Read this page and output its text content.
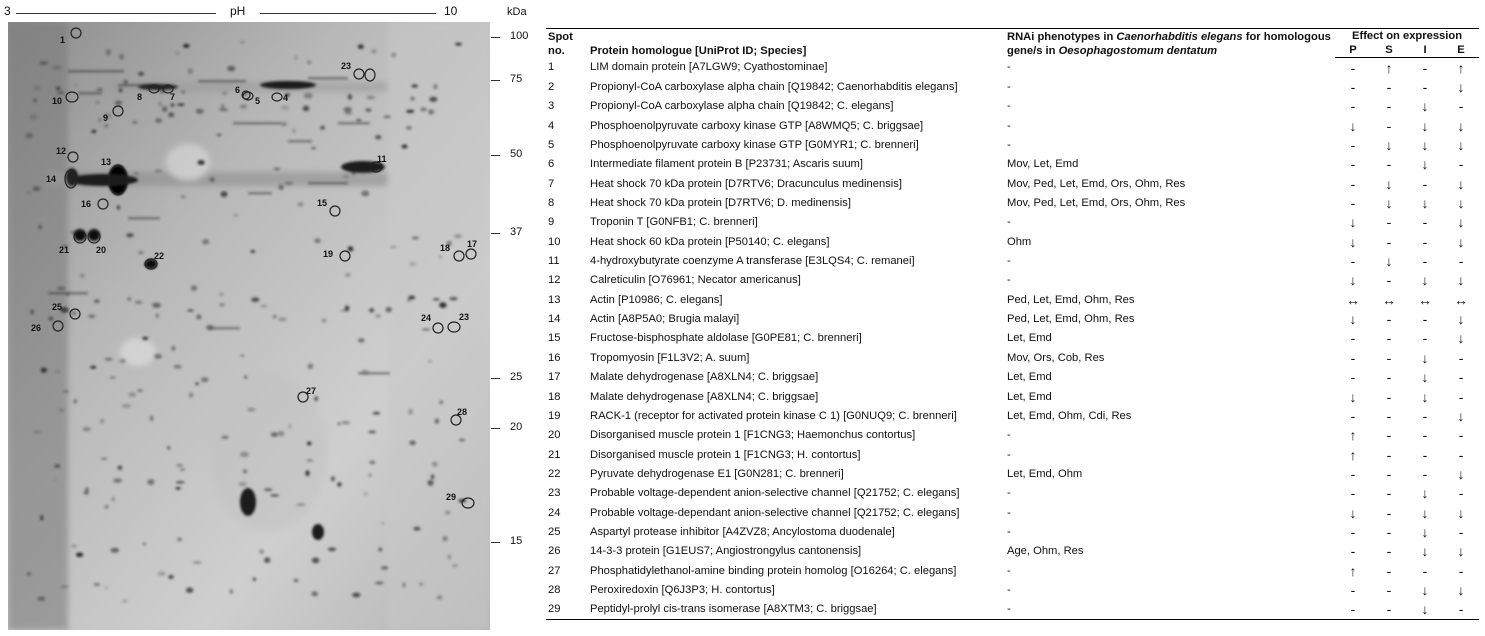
3	pH	10	kDa
1
2 3
4
5
6
7
8
9
10
11
12
13
14
15
16
17
18
19
20
21
22
23
24
25
26
27
28
29
100
75
50
37
25
20
15
Spot no.	Protein homologue [UniProt ID; Species]	RNAi phenotypes in Caenorhabditis elegans for homologous gene/s in Oesophagostomum dentatum	Effect on expression			
			P	S	I	E
1	LIM domain protein [A7LGW9; Cyathostominae]	-	-	↑	-	↑
2	Propionyl-CoA carboxylase alpha chain [Q19842; Caenorhabditis elegans]	-	-	-	-	↓
3	Propionyl-CoA carboxylase alpha chain [Q19842; C. elegans]	-	-	-	↓	-
4	Phosphoenolpyruvate carboxy kinase GTP [A8WMQ5; C. briggsae]	-	↓	-	↓	↓
5	Phosphoenolpyruvate carboxy kinase GTP [G0MYR1; C. brenneri]	-	-	↓	↓	↓
6	Intermediate filament protein B [P23731; Ascaris suum]	Mov, Let, Emd	-	-	↓	-
7	Heat shock 70 kDa protein [D7RTV6; Dracunculus medinensis]	Mov, Ped, Let, Emd, Ors, Ohm, Res	-	↓	-	↓
8	Heat shock 70 kDa protein [D7RTV6; D. medinensis]	Mov, Ped, Let, Emd, Ors, Ohm, Res	-	↓	↓	↓
9	Troponin T [G0NFB1; C. brenneri]	-	↓	-	-	↓
10	Heat shock 60 kDa protein [P50140; C. elegans]	Ohm	↓	-	-	↓
11	4-hydroxybutyrate coenzyme A transferase [E3LQS4; C. remanei]	-	-	↓	-	-
12	Calreticulin [O76961; Necator americanus]	-	↓	-	↓	↓
13	Actin [P10986; C. elegans]	Ped, Let, Emd, Ohm, Res	↔	↔	↔	↔
14	Actin [A8P5A0; Brugia malayi]	Ped, Let, Emd, Ohm, Res	↓	-	-	↓
15	Fructose-bisphosphate aldolase [G0PE81; C. brenneri]	Let, Emd	-	-	-	↓
16	Tropomyosin [F1L3V2; A. suum]	Mov, Ors, Cob, Res	-	-	↓	-
17	Malate dehydrogenase [A8XLN4; C. briggsae]	Let, Emd	-	-	↓	-
18	Malate dehydrogenase [A8XLN4; C. briggsae]	Let, Emd	↓	-	↓	-
19	RACK-1 (receptor for activated protein kinase C 1) [G0NUQ9; C. brenneri]	Let, Emd, Ohm, Cdi, Res	-	-	-	↓
20	Disorganised muscle protein 1 [F1CNG3; Haemonchus contortus]	-	↑	-	-	-
21	Disorganised muscle protein 1 [F1CNG3; H. contortus]	-	↑	-	-	-
22	Pyruvate dehydrogenase E1 [G0N281; C. brenneri]	Let, Emd, Ohm	-	-	-	↓
23	Probable voltage-dependent anion-selective channel [Q21752; C. elegans]	-	-	-	↓	-
24	Probable voltage-dependant anion-selective channel [Q21752; C. elegans]	-	↓	-	↓	↓
25	Aspartyl protease inhibitor [A4ZVZ8; Ancylostoma duodenale]	-	-	-	↓	-
26	14-3-3 protein [G1EUS7; Angiostrongylus cantonensis]	Age, Ohm, Res	-	-	↓	↓
27	Phosphatidylethanol-amine binding protein homolog [O16264; C. elegans]	-	↑	-	-	-
28	Peroxiredoxin [Q6J3P3; H. contortus]	-	-	-	↓	↓
29	Peptidyl-prolyl cis-trans isomerase [A8XTM3; C. briggsae]	-	-	-	↓	-
